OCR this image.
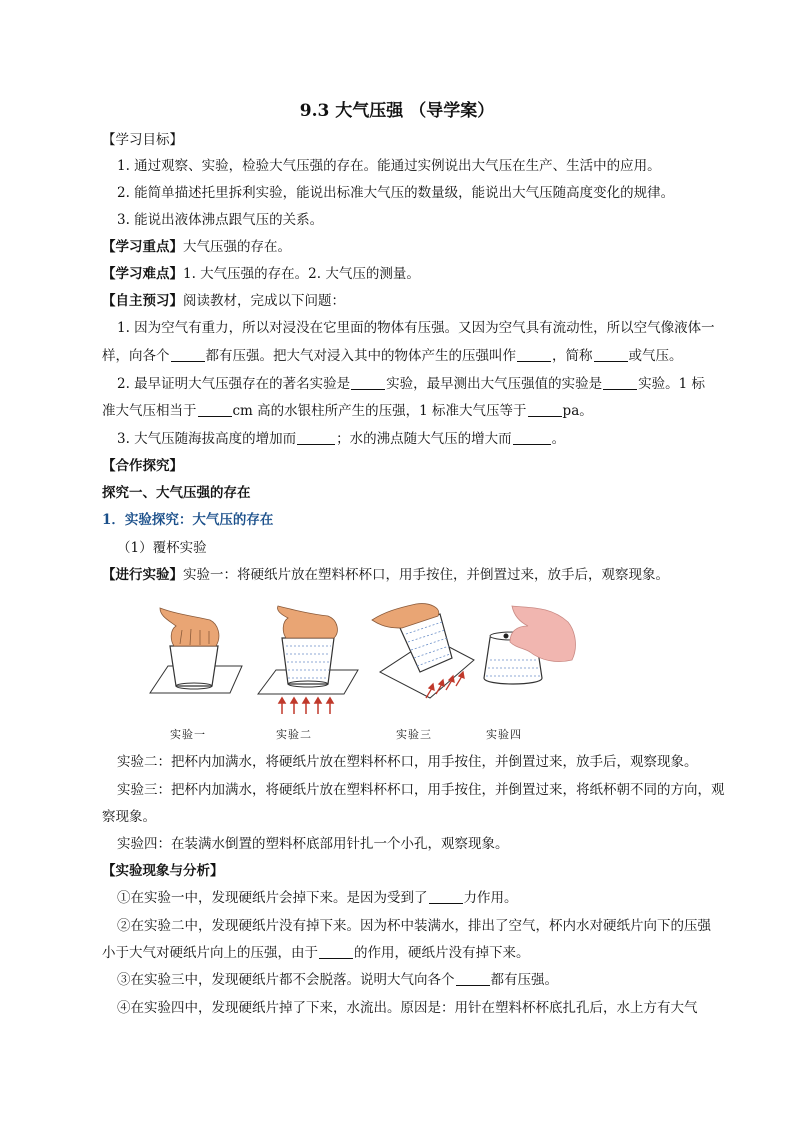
9.3 大气压强 （导学案）
【学习目标】
1. 通过观察、实验，检验大气压强的存在。能通过实例说出大气压在生产、生活中的应用。
2. 能简单描述托里拆利实验，能说出标准大气压的数量级，能说出大气压随高度变化的规律。
3. 能说出液体沸点跟气压的关系。
【学习重点】大气压强的存在。
【学习难点】1. 大气压强的存在。2. 大气压的测量。
【自主预习】阅读教材，完成以下问题：
1. 因为空气有重力，所以对浸没在它里面的物体有压强。又因为空气具有流动性，所以空气像液体一
样，向各个	都有压强。把大气对浸入其中的物体产生的压强叫作	，简称	或气压。
2. 最早证明大气压强存在的著名实验是	实验，最早测出大气压强值的实验是	实验。1 标
准大气压相当于	cm 高的水银柱所产生的压强，1 标准大气压等于	pa。
3. 大气压随海拔高度的增加而	；水的沸点随大气压的增大而	。
【合作探究】
探究一、大气压强的存在
1．实验探究：大气压的存在
（1）覆杯实验
【进行实验】实验一：将硬纸片放在塑料杯杯口，用手按住，并倒置过来，放手后，观察现象。
实验一	实验二	实验三	实验四
实验二：把杯内加满水，将硬纸片放在塑料杯杯口，用手按住，并倒置过来，放手后，观察现象。
实验三：把杯内加满水，将硬纸片放在塑料杯杯口，用手按住，并倒置过来，将纸杯朝不同的方向，观
察现象。
实验四：在装满水倒置的塑料杯底部用针扎一个小孔，观察现象。
【实验现象与分析】
①在实验一中，发现硬纸片会掉下来。是因为受到了	力作用。
②在实验二中，发现硬纸片没有掉下来。因为杯中装满水，排出了空气，杯内水对硬纸片向下的压强
小于大气对硬纸片向上的压强，由于	的作用，硬纸片没有掉下来。
③在实验三中，发现硬纸片都不会脱落。说明大气向各个	都有压强。
④在实验四中，发现硬纸片掉了下来，水流出。原因是：用针在塑料杯杯底扎孔后，水上方有大气
